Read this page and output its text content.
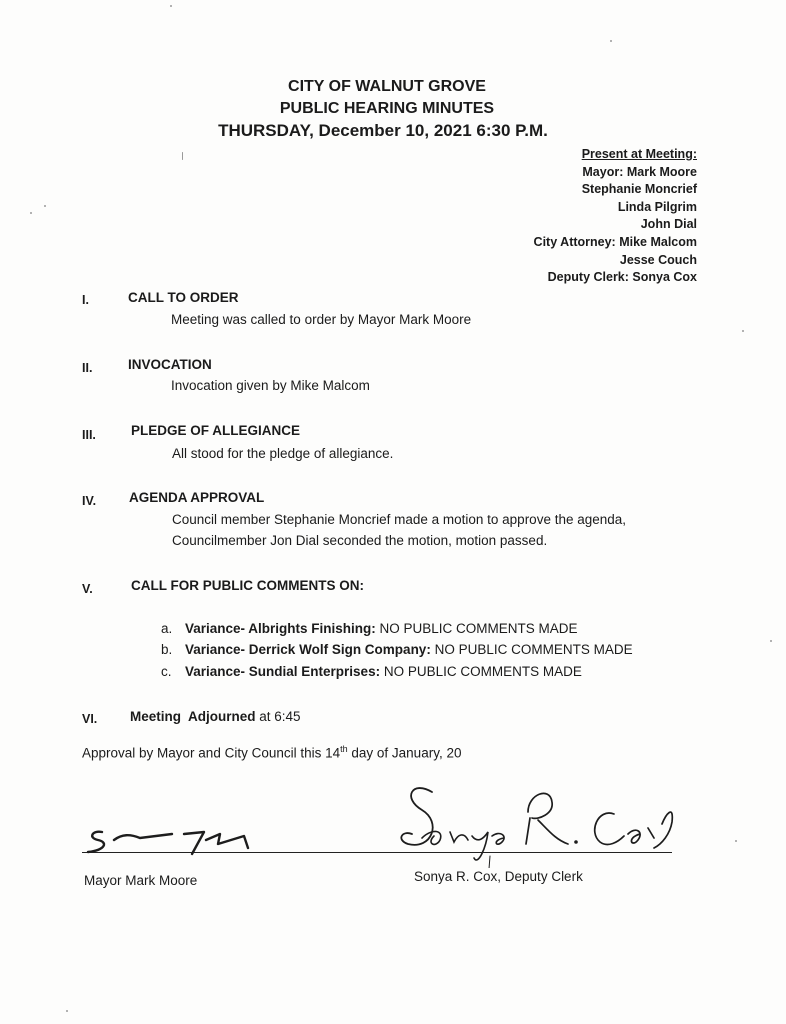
CITY OF WALNUT GROVE
PUBLIC HEARING MINUTES
THURSDAY, December 10, 2021 6:30 P.M.
Present at Meeting:
Mayor: Mark Moore
Stephanie Moncrief
Linda Pilgrim
John Dial
City Attorney: Mike Malcom
Jesse Couch
Deputy Clerk: Sonya Cox
I.	CALL TO ORDER
Meeting was called to order by Mayor Mark Moore
II.	INVOCATION
Invocation given by Mike Malcom
III.	PLEDGE OF ALLEGIANCE
All stood for the pledge of allegiance.
IV. AGENDA APPROVAL
Council member Stephanie Moncrief made a motion to approve the agenda,
Councilmember Jon Dial seconded the motion, motion passed.
V.	CALL FOR PUBLIC COMMENTS ON:
a. Variance- Albrights Finishing: NO PUBLIC COMMENTS MADE
b. Variance- Derrick Wolf Sign Company: NO PUBLIC COMMENTS MADE
c. Variance- Sundial Enterprises: NO PUBLIC COMMENTS MADE
VI. Meeting  Adjourned at 6:45
Approval by Mayor and City Council this 14th day of January, 20
Mayor Mark Moore	Sonya R. Cox, Deputy Clerk
